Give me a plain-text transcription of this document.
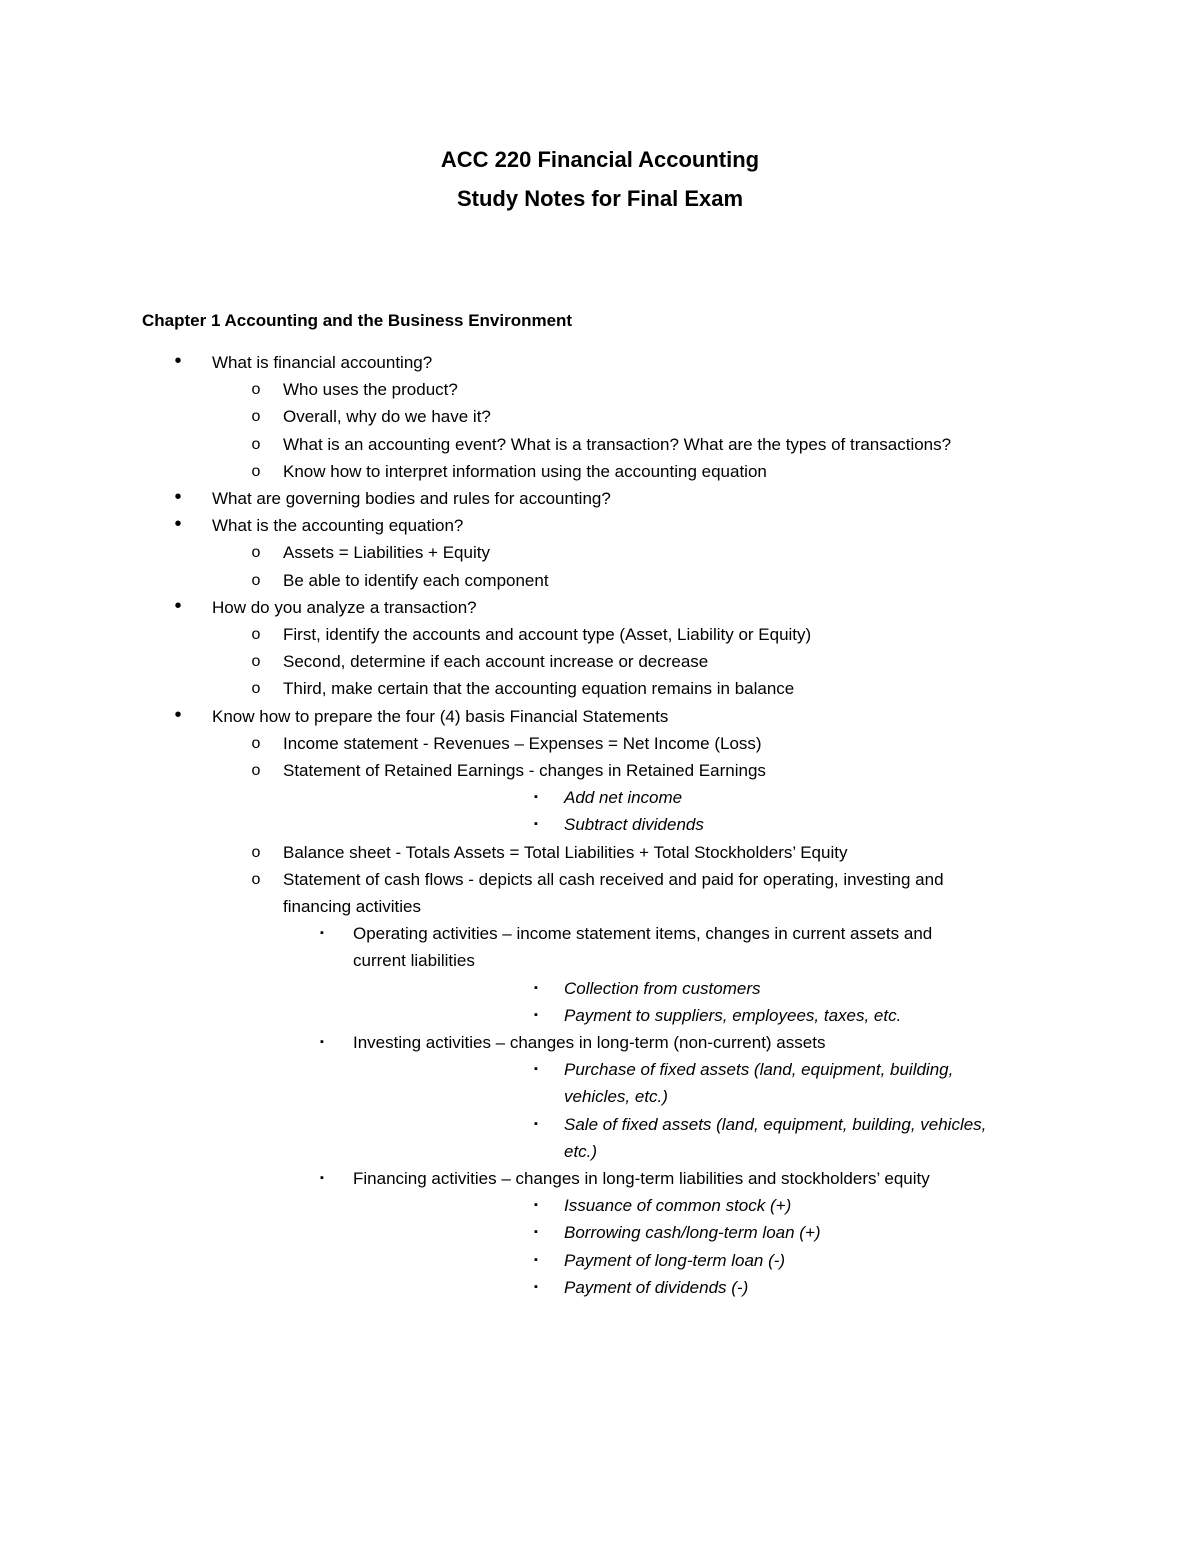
ACC 220 Financial Accounting
Study Notes for Final Exam
Chapter 1 Accounting and the Business Environment
•	What is financial accounting?
o	Who uses the product?
o	Overall, why do we have it?
o	What is an accounting event? What is a transaction? What are the types of transactions?
o	Know how to interpret information using the accounting equation
•	What are governing bodies and rules for accounting?
•	What is the accounting equation?
o	Assets = Liabilities + Equity
o	Be able to identify each component
•	How do you analyze a transaction?
o	First, identify the accounts and account type (Asset, Liability or Equity)
o	Second, determine if each account increase or decrease
o	Third, make certain that the accounting equation remains in balance
•	Know how to prepare the four (4) basis Financial Statements
o	Income statement - Revenues – Expenses = Net Income (Loss)
o	Statement of Retained Earnings - changes in Retained Earnings
▪	Add net income
▪	Subtract dividends
o	Balance sheet - Totals Assets = Total Liabilities + Total Stockholders’ Equity
o	Statement of cash flows - depicts all cash received and paid for operating, investing and
financing activities
▪	Operating activities – income statement items, changes in current assets and
current liabilities
▪	Collection from customers
▪	Payment to suppliers, employees, taxes, etc.
▪	Investing activities – changes in long-term (non-current) assets
▪	Purchase of fixed assets (land, equipment, building,
vehicles, etc.)
▪	Sale of fixed assets (land, equipment, building, vehicles,
etc.)
▪	Financing activities – changes in long-term liabilities and stockholders’ equity
▪	Issuance of common stock (+)
▪	Borrowing cash/long-term loan (+)
▪	Payment of long-term loan (-)
▪	Payment of dividends (-)
